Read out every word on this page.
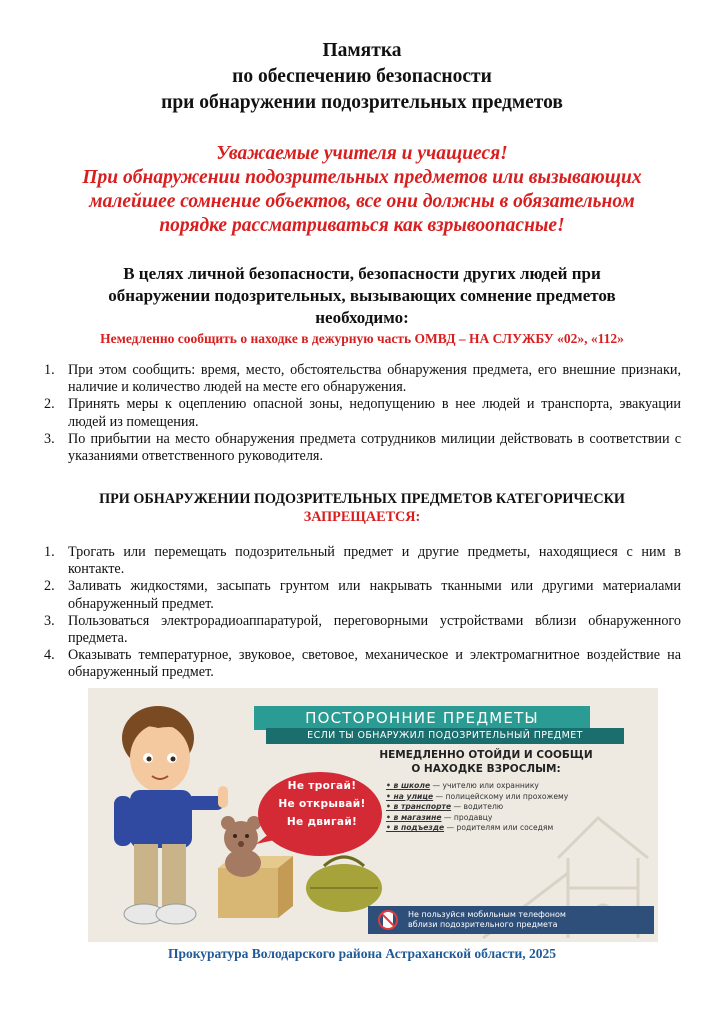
Памятка
по обеспечению безопасности
при обнаружении подозрительных предметов
Уважаемые учителя и учащиеся!
При обнаружении подозрительных предметов или вызывающих
малейшее сомнение объектов, все они должны в обязательном
порядке рассматриваться как взрывоопасные!
В целях личной безопасности, безопасности других людей при
обнаружении подозрительных, вызывающих сомнение предметов
необходимо:
Немедленно сообщить о находке в дежурную часть ОМВД – НА СЛУЖБУ «02», «112»
1. При этом сообщить: время, место, обстоятельства обнаружения предмета, его внешние признаки, наличие и количество людей на месте его обнаружения.
2. Принять меры к оцеплению опасной зоны, недопущению в нее людей и транспорта, эвакуации людей из помещения.
3. По прибытии на место обнаружения предмета сотрудников милиции действовать в соответствии с указаниями ответственного руководителя.
ПРИ ОБНАРУЖЕНИИ ПОДОЗРИТЕЛЬНЫХ ПРЕДМЕТОВ КАТЕГОРИЧЕСКИ
ЗАПРЕЩАЕТСЯ:
1. Трогать или перемещать подозрительный предмет и другие предметы, находящиеся с ним в контакте.
2. Заливать жидкостями, засыпать грунтом или накрывать тканными или другими материалами обнаруженный предмет.
3. Пользоваться электрорадиоаппаратурой, переговорными устройствами вблизи обнаруженного предмета.
4. Оказывать температурное, звуковое, световое, механическое и электромагнитное воздействие на обнаруженный предмет.
Не трогай!
Не открывай!
Не двигай!
ПОСТОРОННИЕ ПРЕДМЕТЫ
ЕСЛИ ТЫ ОБНАРУЖИЛ ПОДОЗРИТЕЛЬНЫЙ ПРЕДМЕТ
НЕМЕДЛЕННО ОТОЙДИ И СООБЩИ
О НАХОДКЕ ВЗРОСЛЫМ:
• в школе — учителю или охраннику
• на улице — полицейскому или прохожему
• в транспорте — водителю
• в магазине — продавцу
• в подъезде — родителям или соседям
Не пользуйся мобильным телефоном
вблизи подозрительного предмета
Прокуратура Володарского района Астраханской области, 2025
